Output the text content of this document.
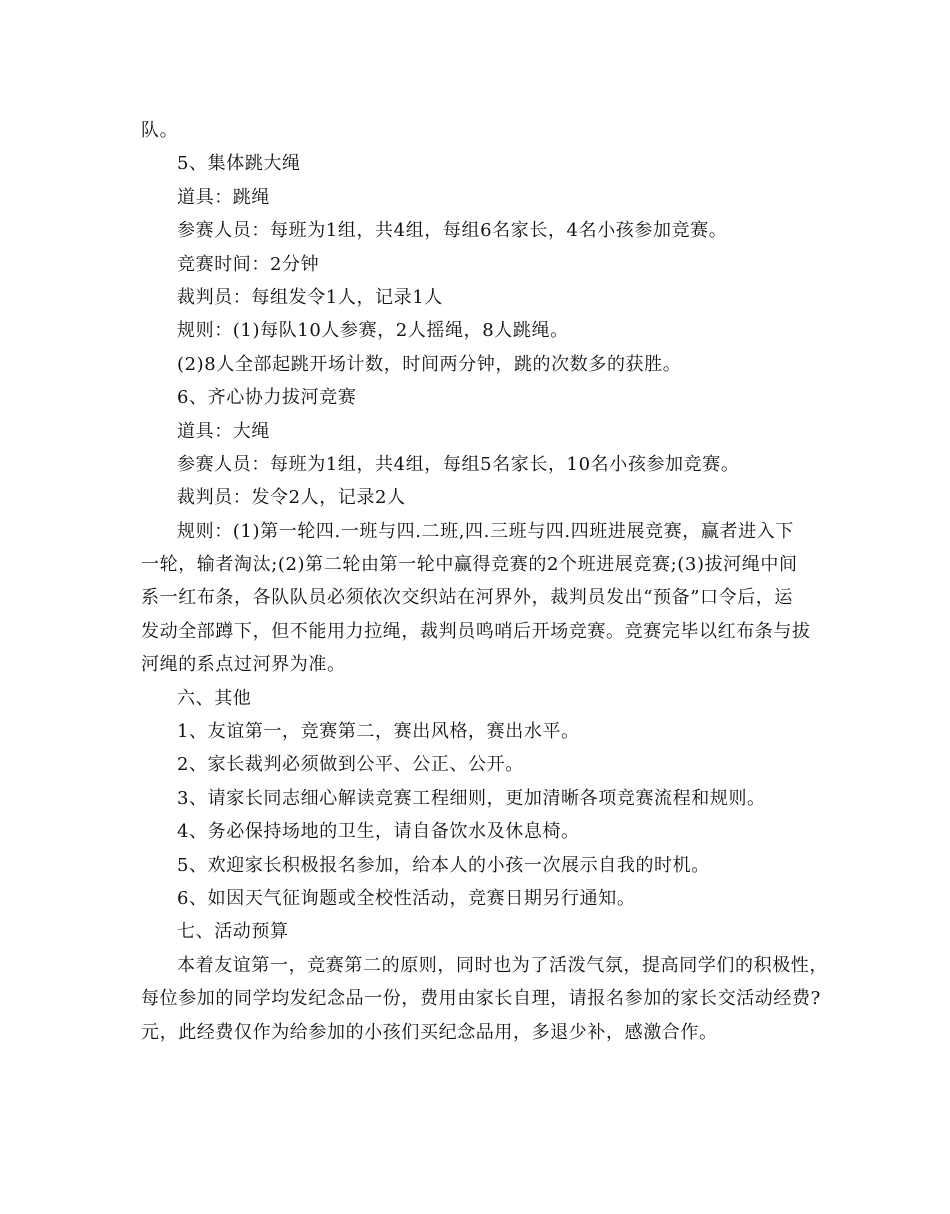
队。
5、集体跳大绳
道具：跳绳
参赛人员：每班为1组，共4组，每组6名家长，4名小孩参加竞赛。
竞赛时间：2分钟
裁判员：每组发令1人，记录1人
规则：(1)每队10人参赛，2人摇绳，8人跳绳。
(2)8人全部起跳开场计数，时间两分钟，跳的次数多的获胜。
6、齐心协力拔河竞赛
道具：大绳
参赛人员：每班为1组，共4组，每组5名家长，10名小孩参加竞赛。
裁判员：发令2人，记录2人
规则：(1)第一轮四.一班与四.二班,四.三班与四.四班进展竞赛，赢者进入下
一轮，输者淘汰;(2)第二轮由第一轮中赢得竞赛的2个班进展竞赛;(3)拔河绳中间
系一红布条，各队队员必须依次交织站在河界外，裁判员发出“预备”口令后，运
发动全部蹲下，但不能用力拉绳，裁判员鸣哨后开场竞赛。竞赛完毕以红布条与拔
河绳的系点过河界为准。
六、其他
1、友谊第一，竞赛第二，赛出风格，赛出水平。
2、家长裁判必须做到公平、公正、公开。
3、请家长同志细心解读竞赛工程细则，更加清晰各项竞赛流程和规则。
4、务必保持场地的卫生，请自备饮水及休息椅。
5、欢迎家长积极报名参加，给本人的小孩一次展示自我的时机。
6、如因天气征询题或全校性活动，竞赛日期另行通知。
七、活动预算
本着友谊第一，竞赛第二的原则，同时也为了活泼气氛，提高同学们的积极性，
每位参加的同学均发纪念品一份，费用由家长自理，请报名参加的家长交活动经费?
元，此经费仅作为给参加的小孩们买纪念品用，多退少补，感激合作。
